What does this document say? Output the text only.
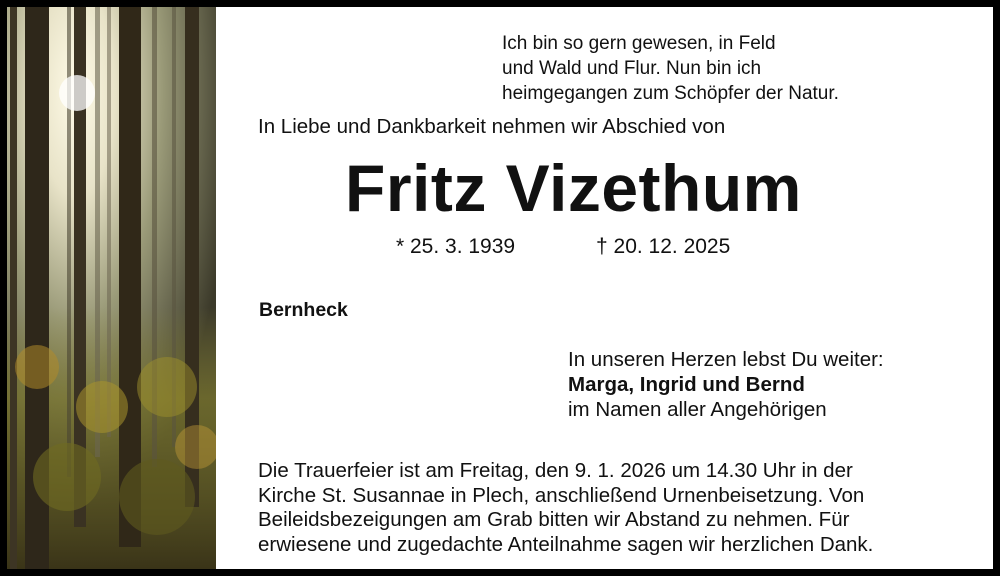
Ich bin so gern gewesen, in Feld
und Wald und Flur. Nun bin ich
heimgegangen zum Schöpfer der Natur.
In Liebe und Dankbarkeit nehmen wir Abschied von
Fritz Vizethum
* 25. 3. 1939	† 20. 12. 2025
Bernheck
In unseren Herzen lebst Du weiter:
Marga, Ingrid und Bernd
im Namen aller Angehörigen
Die Trauerfeier ist am Freitag, den 9. 1. 2026 um 14.30 Uhr in der
Kirche St. Susannae in Plech, anschließend Urnenbeisetzung. Von
Beileidsbezeigungen am Grab bitten wir Abstand zu nehmen. Für
erwiesene und zugedachte Anteilnahme sagen wir herzlichen Dank.
